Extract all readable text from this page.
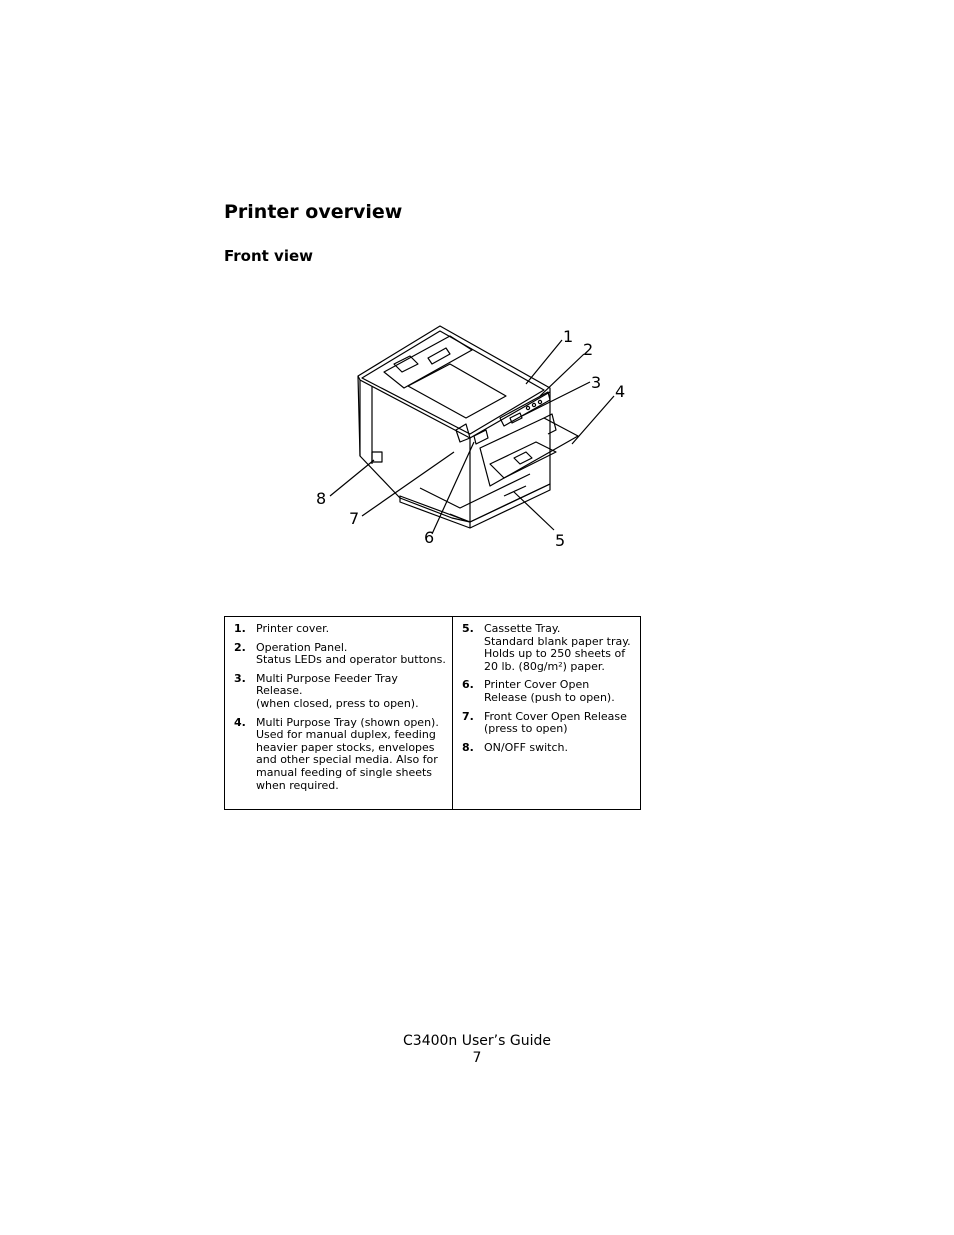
Printer overview
Front view
1
2
3 4
5
6
7
8
1. Printer cover.
2. Operation Panel.
Status LEDs and operator buttons.
3. Multi Purpose Feeder Tray Release.
(when closed, press to open).
4. Multi Purpose Tray (shown open). Used for manual duplex, feeding heavier paper stocks, envelopes and other special media. Also for manual feeding of single sheets when required.
5. Cassette Tray.
Standard blank paper tray. Holds up to 250 sheets of 20 lb. (80g/m²) paper.
6. Printer Cover Open Release (push to open).
7. Front Cover Open Release (press to open)
8. ON/OFF switch.
C3400n User’s Guide
7
